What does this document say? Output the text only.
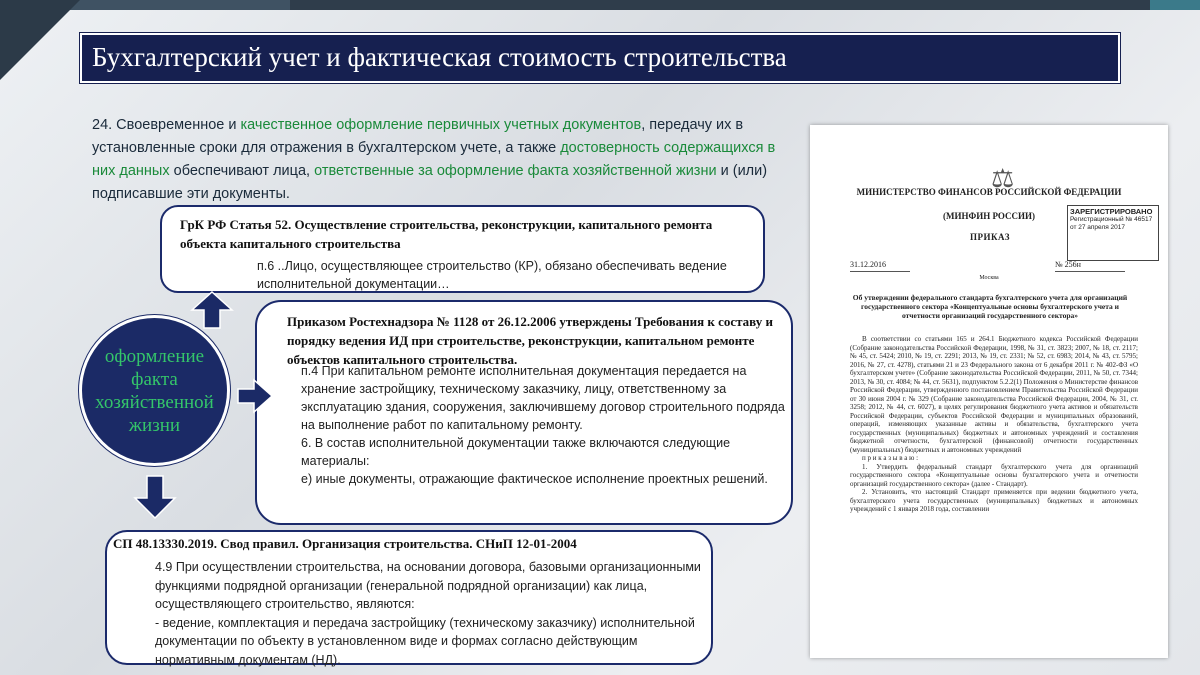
Бухгалтерский учет и фактическая стоимость строительства
24. Своевременное и качественное оформление первичных учетных документов, передачу их в установленные сроки для отражения в бухгалтерском учете, а также достоверность содержащихся в них данных обеспечивают лица, ответственные за оформление факта хозяйственной жизни и (или) подписавшие эти документы.
ГрК РФ Статья 52. Осуществление строительства, реконструкции, капитального ремонта объекта капитального строительства
п.6 ..Лицо, осуществляющее строительство (КР), обязано обеспечивать ведение исполнительной документации…
Приказом Ростехнадзора № 1128 от 26.12.2006 утверждены Требования к составу и порядку ведения ИД при строительстве, реконструкции, капитальном ремонте объектов капитального строительства.
п.4 При капитальном ремонте исполнительная документация передается на хранение застройщику, техническому заказчику, лицу, ответственному за эксплуатацию здания, сооружения, заключившему договор строительного подряда на выполнение работ по капитальному ремонту.
6. В состав исполнительной документации также включаются следующие материалы:
е) иные документы, отражающие фактическое исполнение проектных решений.
СП 48.13330.2019. Свод правил. Организация строительства. СНиП 12-01-2004
4.9 При осуществлении строительства, на основании договора, базовыми организационными функциями подрядной организации (генеральной подрядной организации) как лица, осуществляющего строительство, являются:
- ведение, комплектация и передача застройщику (техническому заказчику) исполнительной документации по объекту в установленном виде и формах согласно действующим нормативным документам (НД).
оформление факта хозяйственной жизни
⚖
МИНИСТЕРСТВО ФИНАНСОВ РОССИЙСКОЙ ФЕДЕРАЦИИ
(МИНФИН РОССИИ)
ПРИКАЗ
ЗАРЕГИСТРИРОВАНО
Регистрационный № 46517
от 27 апреля 2017
31.12.2016	№ 256н
Москва
Об утверждении федерального стандарта бухгалтерского учета для организаций государственного сектора «Концептуальные основы бухгалтерского учета и отчетности организаций государственного сектора»

В соответствии со статьями 165 и 264.1 Бюджетного кодекса Российской Федерации (Собрание законодательства Российской Федерации, 1998, № 31, ст. 3823; 2007, № 18, ст. 2117; № 45, ст. 5424; 2010, № 19, ст. 2291; 2013, № 19, ст. 2331; № 52, ст. 6983; 2014, № 43, ст. 5795; 2016, № 27, ст. 4278), статьями 21 и 23 Федерального закона от 6 декабря 2011 г. № 402-ФЗ «О бухгалтерском учете» (Собрание законодательства Российской Федерации, 2011, № 50, ст. 7344; 2013, № 30, ст. 4084; № 44, ст. 5631), подпунктом 5.2.2(1) Положения о Министерстве финансов Российской Федерации, утвержденного постановлением Правительства Российской Федерации от 30 июня 2004 г. № 329 (Собрание законодательства Российской Федерации, 2004, № 31, ст. 3258; 2012, № 44, ст. 6027), в целях регулирования бюджетного учета активов и обязательств Российской Федерации, субъектов Российской Федерации и муниципальных образований, операций, изменяющих указанные активы и обязательства, бухгалтерского учета государственных (муниципальных) бюджетных и автономных учреждений и составления бюджетной отчетности, бухгалтерской (финансовой) отчетности государственных (муниципальных) бюджетных и автономных учреждений

п р и к а з ы в а ю :

1. Утвердить федеральный стандарт бухгалтерского учета для организаций государственного сектора «Концептуальные основы бухгалтерского учета и отчетности организаций государственного сектора» (далее - Стандарт).

2. Установить, что настоящий Стандарт применяется при ведении бюджетного учета, бухгалтерского учета государственных (муниципальных) бюджетных и автономных учреждений с 1 января 2018 года, составлении
